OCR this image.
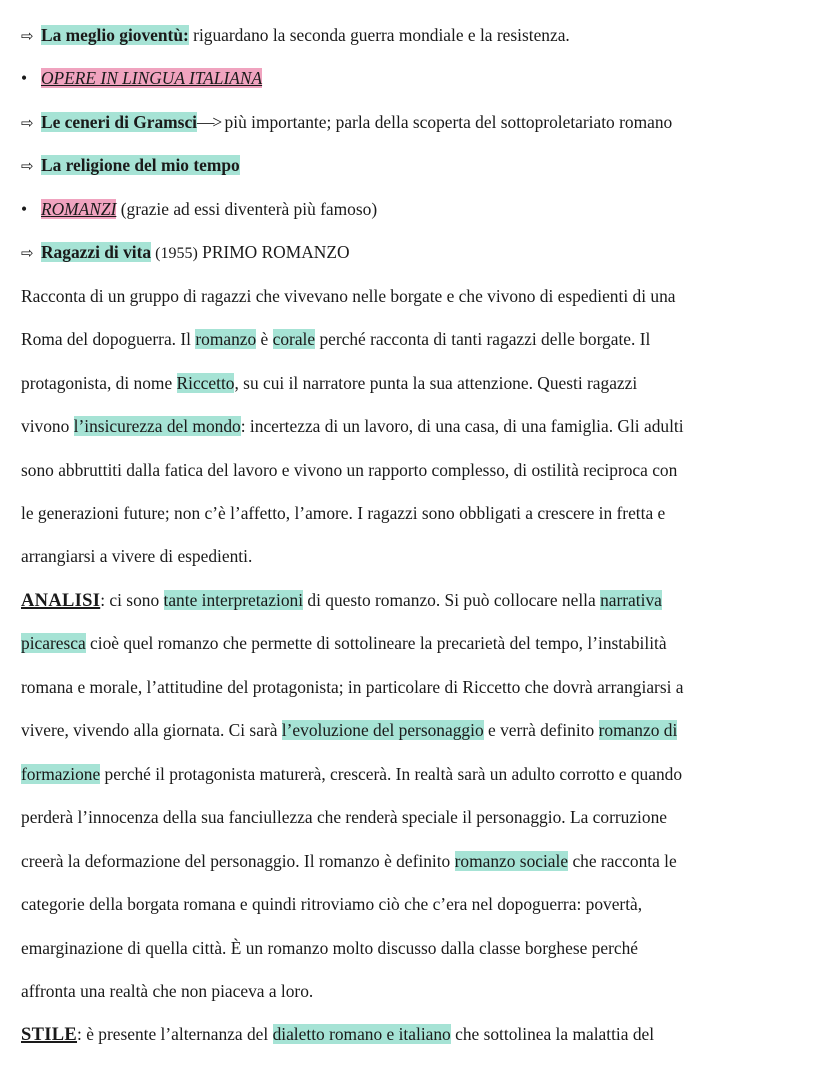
⇨ La meglio gioventù: riguardano la seconda guerra mondiale e la resistenza.
• OPERE IN LINGUA ITALIANA
⇨ Le ceneri di Gramsci—> più importante; parla della scoperta del sottoproletariato romano
⇨ La religione del mio tempo
• ROMANZI (grazie ad essi diventerà più famoso)
⇨ Ragazzi di vita (1955) PRIMO ROMANZO
Racconta di un gruppo di ragazzi che vivevano nelle borgate e che vivono di espedienti di una
Roma del dopoguerra. Il romanzo è corale perché racconta di tanti ragazzi delle borgate. Il
protagonista, di nome Riccetto, su cui il narratore punta la sua attenzione. Questi ragazzi
vivono l’insicurezza del mondo: incertezza di un lavoro, di una casa, di una famiglia. Gli adulti
sono abbruttiti dalla fatica del lavoro e vivono un rapporto complesso, di ostilità reciproca con
le generazioni future; non c’è l’affetto, l’amore. I ragazzi sono obbligati a crescere in fretta e
arrangiarsi a vivere di espedienti.
ANALISI: ci sono tante interpretazioni di questo romanzo. Si può collocare nella narrativa
picaresca cioè quel romanzo che permette di sottolineare la precarietà del tempo, l’instabilità
romana e morale, l’attitudine del protagonista; in particolare di Riccetto che dovrà arrangiarsi a
vivere, vivendo alla giornata. Ci sarà l’evoluzione del personaggio e verrà definito romanzo di
formazione perché il protagonista maturerà, crescerà. In realtà sarà un adulto corrotto e quando
perderà l’innocenza della sua fanciullezza che renderà speciale il personaggio. La corruzione
creerà la deformazione del personaggio. Il romanzo è definito romanzo sociale che racconta le
categorie della borgata romana e quindi ritroviamo ciò che c’era nel dopoguerra: povertà,
emarginazione di quella città. È un romanzo molto discusso dalla classe borghese perché
affronta una realtà che non piaceva a loro.
STILE: è presente l’alternanza del dialetto romano e italiano che sottolinea la malattia del
